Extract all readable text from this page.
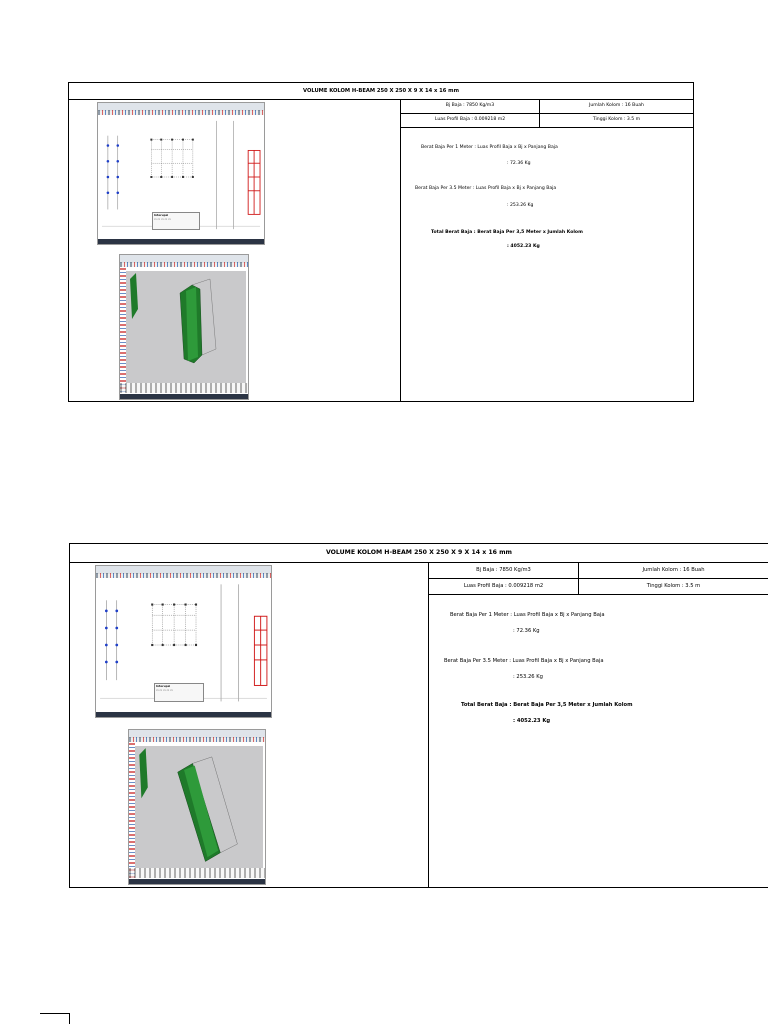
VOLUME KOLOM H-BEAM 250 X 250 X 9 X 14 x 16 mm
Interupsi
▭ ▭ ▭ ▭ ▭
Bj Baja : 7850 Kg/m3	Jumlah Kolom : 16 Buah
Luas Profil Baja : 0.009218 m2	Tinggi Kolom : 3.5 m
Berat Baja Per 1 Meter : Luas Profil Baja x Bj x Panjang Baja
: 72.36 Kg
Berat Baja Per 3.5 Meter : Luas Profil Baja x Bj x Panjang Baja
: 253.26 Kg
Total Berat Baja : Berat Baja Per 3,5 Meter x Jumlah Kolom
: 4052.23 Kg
VOLUME KOLOM H-BEAM 250 X 250 X 9 X 14 x 16 mm
Interupsi
▭ ▭ ▭ ▭ ▭
Bj Baja : 7850 Kg/m3	Jumlah Kolom : 16 Buah
Luas Profil Baja : 0.009218 m2	Tinggi Kolom : 3.5 m
Berat Baja Per 1 Meter : Luas Profil Baja x Bj x Panjang Baja
: 72.36 Kg
Berat Baja Per 3.5 Meter : Luas Profil Baja x Bj x Panjang Baja
: 253.26 Kg
Total Berat Baja : Berat Baja Per 3,5 Meter x Jumlah Kolom
: 4052.23 Kg
